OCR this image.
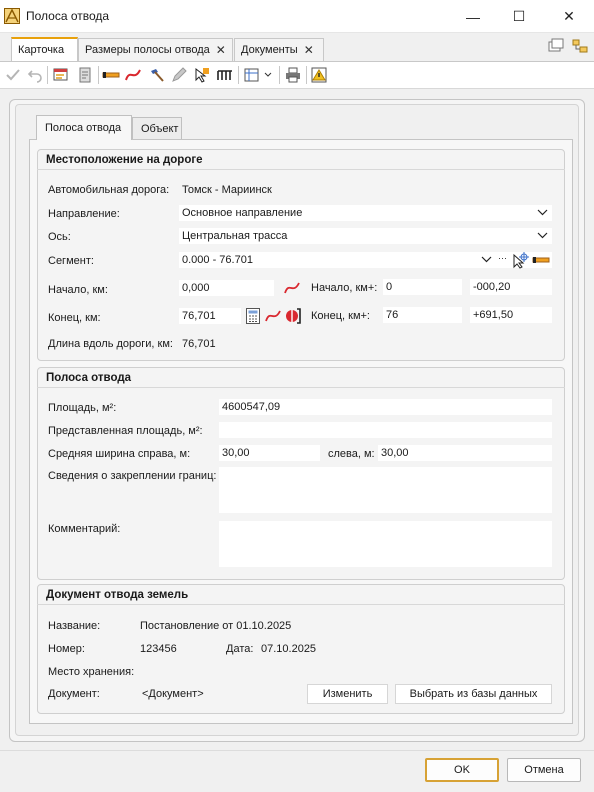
Полоса отвода	— ☐	✕
Карточка Размеры полосы отвода ✕ Документы ✕
Полоса отвода Объект
Местоположение на дороге
Автомобильная дорога: Томск - Мариинск
Направление:	Основное направление
Ось:	Центральная трасса
Сегмент:	0.000 - 76.701	···
Начало, км:	0,000	Начало, км+: 0	-000,20
Конец, км:	76,701	Конец, км+: 76	+691,50
Длина вдоль дороги, км: 76,701
Полоса отвода
Площадь, м²:	4600547,09
Представленная площадь, м²:
Средняя ширина справа, м:	30,00	слева, м: 30,00
Сведения о закреплении границ:
Комментарий:
Документ отвода земель
Название:	Постановление от 01.10.2025
Номер:	123456	Дата: 07.10.2025
Место хранения:
Документ:	<Документ>	Изменить	Выбрать из базы данных
OK	Отмена
